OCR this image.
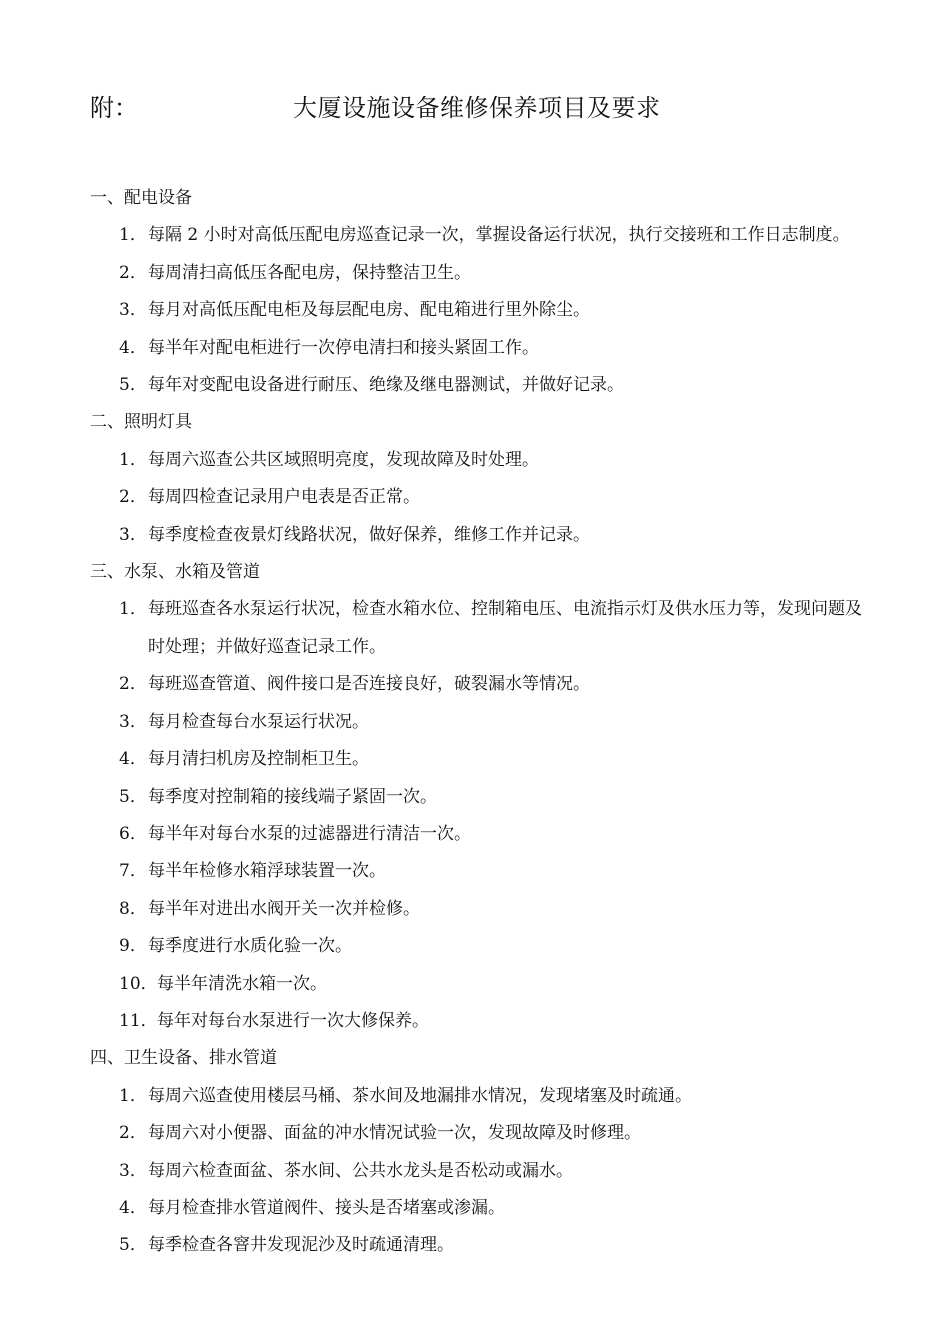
附：	大厦设施设备维修保养项目及要求

一、配电设备

1． 每隔 2 小时对高低压配电房巡查记录一次，掌握设备运行状况，执行交接班和工作日志制度。
2． 每周清扫高低压各配电房，保持整洁卫生。
3． 每月对高低压配电柜及每层配电房、配电箱进行里外除尘。
4． 每半年对配电柜进行一次停电清扫和接头紧固工作。
5． 每年对变配电设备进行耐压、绝缘及继电器测试，并做好记录。

二、照明灯具

1． 每周六巡查公共区域照明亮度，发现故障及时处理。
2． 每周四检查记录用户电表是否正常。
3． 每季度检查夜景灯线路状况，做好保养，维修工作并记录。

三、水泵、水箱及管道

1． 每班巡查各水泵运行状况，检查水箱水位、控制箱电压、电流指示灯及供水压力等，发现问题及时处理；并做好巡查记录工作。
2． 每班巡查管道、阀件接口是否连接良好，破裂漏水等情况。
3． 每月检查每台水泵运行状况。
4． 每月清扫机房及控制柜卫生。
5． 每季度对控制箱的接线端子紧固一次。
6． 每半年对每台水泵的过滤器进行清洁一次。
7． 每半年检修水箱浮球装置一次。
8． 每半年对进出水阀开关一次并检修。
9． 每季度进行水质化验一次。
10． 每半年清洗水箱一次。
11． 每年对每台水泵进行一次大修保养。

四、卫生设备、排水管道

1． 每周六巡查使用楼层马桶、茶水间及地漏排水情况，发现堵塞及时疏通。
2． 每周六对小便器、面盆的冲水情况试验一次，发现故障及时修理。
3． 每周六检查面盆、茶水间、公共水龙头是否松动或漏水。
4． 每月检查排水管道阀件、接头是否堵塞或渗漏。
5． 每季检查各窨井发现泥沙及时疏通清理。
